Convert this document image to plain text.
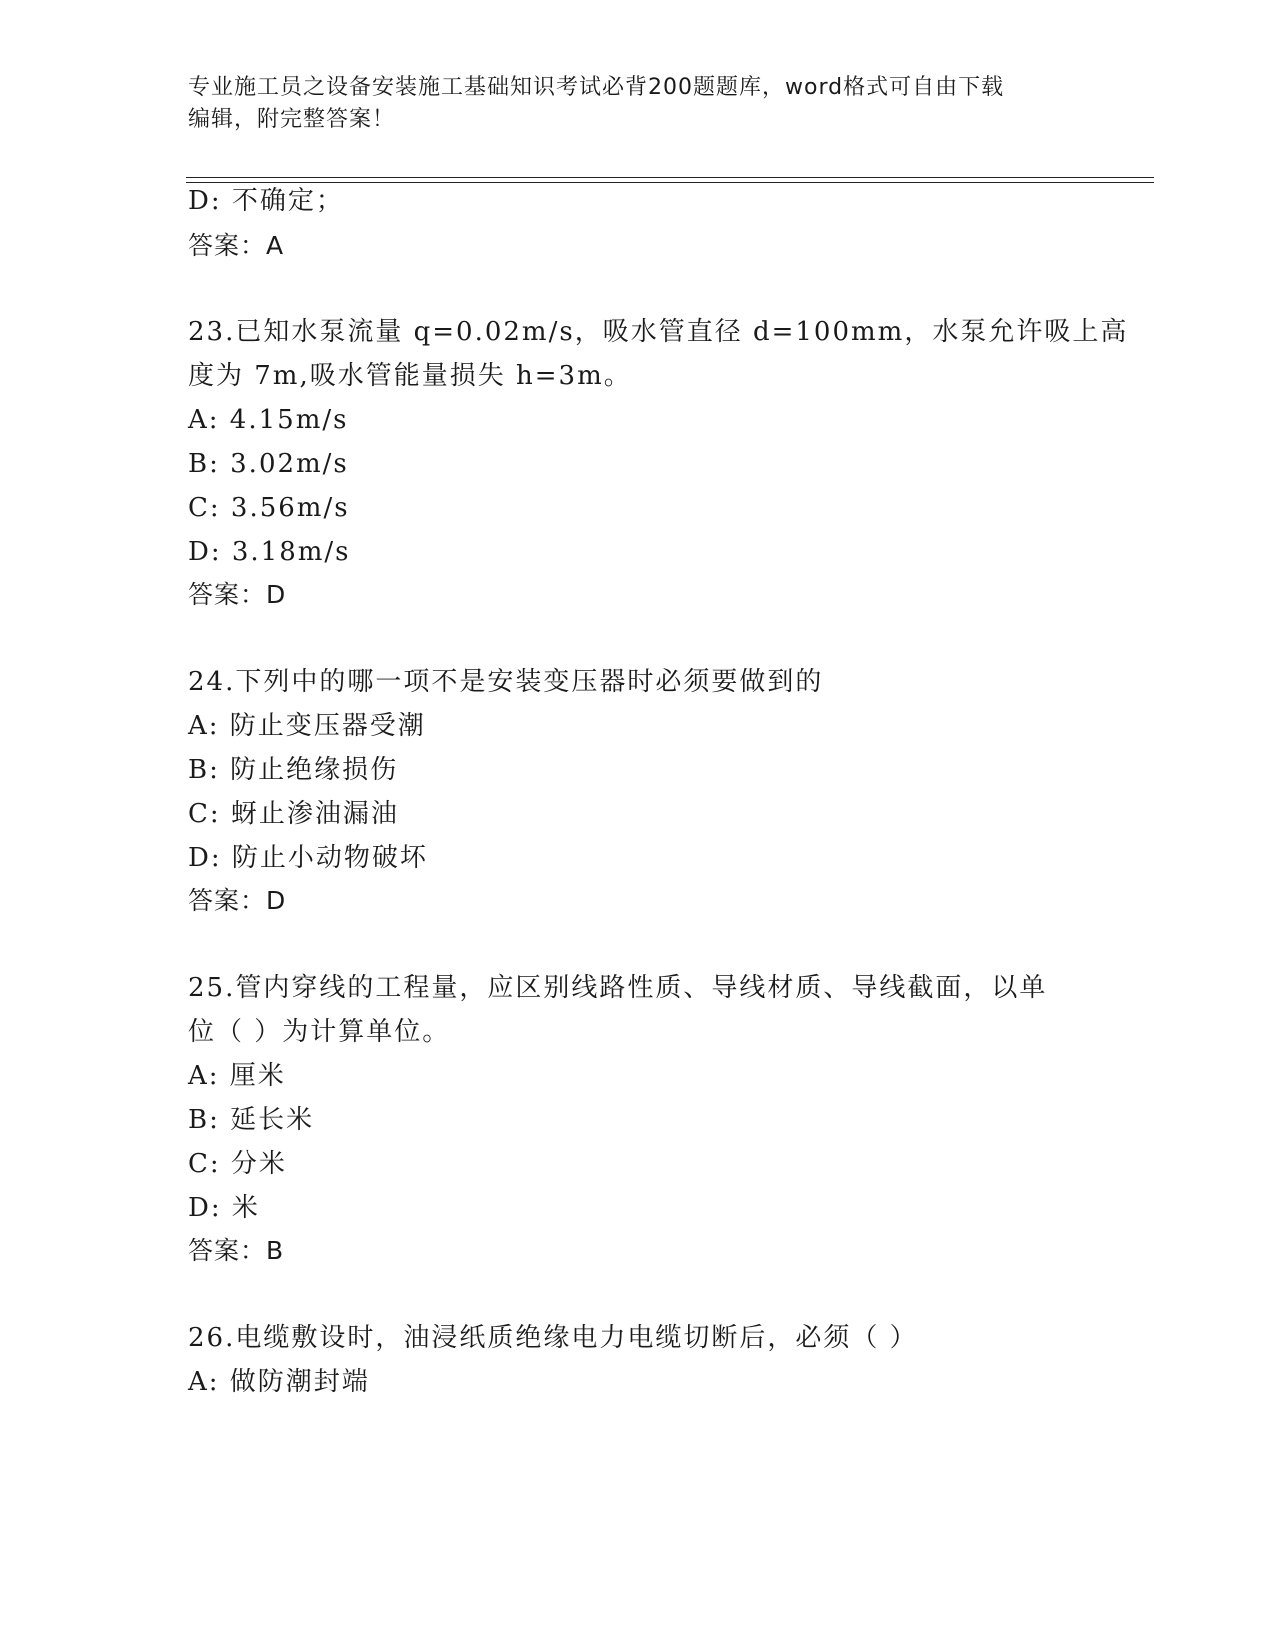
专业施工员之设备安装施工基础知识考试必背200题题库，word格式可自由下载
编辑，附完整答案！
D: 不确定；
答案：A
23.已知水泵流量 q=0.02m/s，吸水管直径 d=100mm，水泵允许吸上高
度为 7m,吸水管能量损失 h=3m。
A: 4.15m/s
B: 3.02m/s
C: 3.56m/s
D: 3.18m/s
答案：D
24.下列中的哪一项不是安装变压器时必须要做到的
A: 防止变压器受潮
B: 防止绝缘损伤
C: 蚜止渗油漏油
D: 防止小动物破坏
答案：D
25.管内穿线的工程量，应区别线路性质、导线材质、导线截面，以单
位（ ）为计算单位。
A: 厘米
B: 延长米
C: 分米
D: 米
答案：B
26.电缆敷设时，油浸纸质绝缘电力电缆切断后，必须（ ）
A: 做防潮封端
